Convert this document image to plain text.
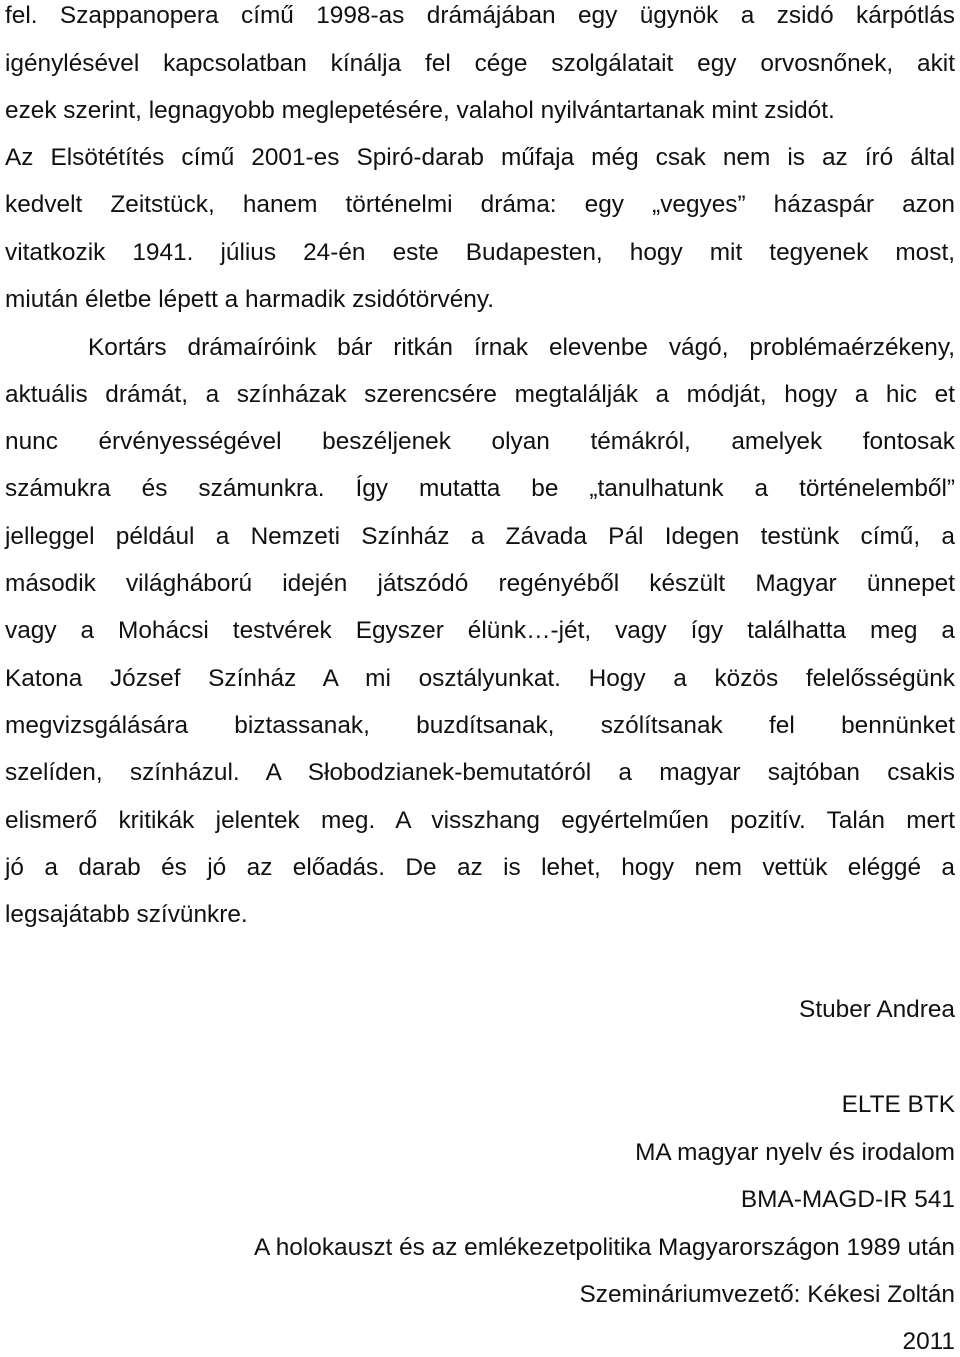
fel. Szappanopera című 1998-as drámájában egy ügynök a zsidó kárpótlás
igénylésével kapcsolatban kínálja fel cége szolgálatait egy orvosnőnek, akit
ezek szerint, legnagyobb meglepetésére, valahol nyilvántartanak mint zsidót.
Az Elsötétítés című 2001-es Spiró-darab műfaja még csak nem is az író által
kedvelt Zeitstück, hanem történelmi dráma: egy „vegyes” házaspár azon
vitatkozik 1941. július 24-én este Budapesten, hogy mit tegyenek most,
miután életbe lépett a harmadik zsidótörvény.
Kortárs drámaíróink bár ritkán írnak elevenbe vágó, problémaérzékeny,
aktuális drámát, a színházak szerencsére megtalálják a módját, hogy a hic et
nunc érvényességével beszéljenek olyan témákról, amelyek fontosak
számukra és számunkra. Így mutatta be „tanulhatunk a történelemből”
jelleggel például a Nemzeti Színház a Závada Pál Idegen testünk című, a
második világháború idején játszódó regényéből készült Magyar ünnepet
vagy a Mohácsi testvérek Egyszer élünk…-jét, vagy így találhatta meg a
Katona József Színház A mi osztályunkat. Hogy a közös felelősségünk
megvizsgálására biztassanak, buzdítsanak, szólítsanak fel bennünket
szelíden, színházul. A Słobodzianek-bemutatóról a magyar sajtóban csakis
elismerő kritikák jelentek meg. A visszhang egyértelműen pozitív. Talán mert
jó a darab és jó az előadás. De az is lehet, hogy nem vettük eléggé a
legsajátabb szívünkre.
Stuber Andrea
ELTE BTK
MA magyar nyelv és irodalom
BMA-MAGD-IR 541
A holokauszt és az emlékezetpolitika Magyarországon 1989 után
Szemináriumvezető: Kékesi Zoltán
2011
